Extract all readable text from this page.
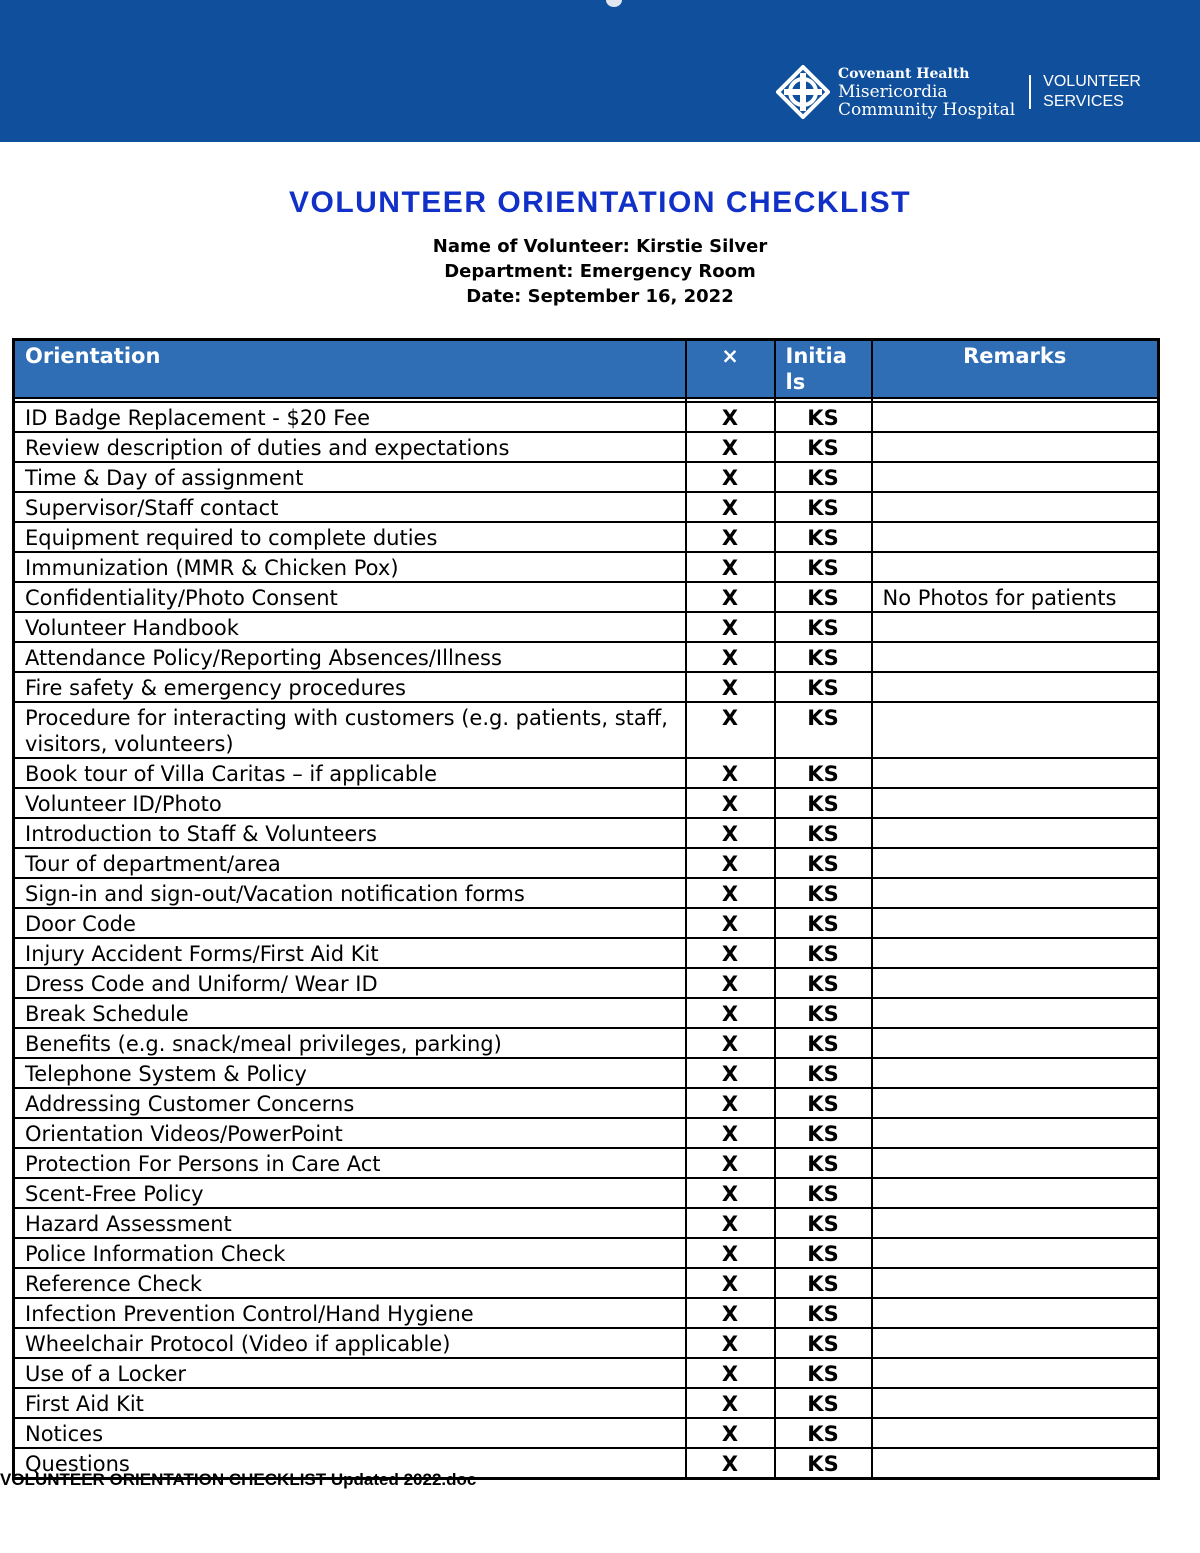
Covenant Health
Misericordia
Community Hospital
VOLUNTEER
SERVICES
VOLUNTEER ORIENTATION CHECKLIST
Name of Volunteer: Kirstie Silver
Department: Emergency Room
Date: September 16, 2022
Orientation	×	Initia ls	Remarks

ID Badge Replacement - $20 Fee	X	KS	
Review description of duties and expectations	X	KS	
Time & Day of assignment	X	KS	
Supervisor/Staff contact	X	KS	
Equipment required to complete duties	X	KS	
Immunization (MMR & Chicken Pox)	X	KS	
Confidentiality/Photo Consent	X	KS	No Photos for patients
Volunteer Handbook	X	KS	
Attendance Policy/Reporting Absences/Illness	X	KS	
Fire safety & emergency procedures	X	KS	
Procedure for interacting with customers (e.g. patients, staff, visitors, volunteers)	X	KS	
Book tour of Villa Caritas – if applicable	X	KS	
Volunteer ID/Photo	X	KS	
Introduction to Staff & Volunteers	X	KS	
Tour of department/area	X	KS	
Sign-in and sign-out/Vacation notification forms	X	KS	
Door Code	X	KS	
Injury Accident Forms/First Aid Kit	X	KS	
Dress Code and Uniform/ Wear ID	X	KS	
Break Schedule	X	KS	
Benefits (e.g. snack/meal privileges, parking)	X	KS	
Telephone System & Policy	X	KS	
Addressing Customer Concerns	X	KS	
Orientation Videos/PowerPoint	X	KS	
Protection For Persons in Care Act	X	KS	
Scent-Free Policy	X	KS	
Hazard Assessment	X	KS	
Police Information Check	X	KS	
Reference Check	X	KS	
Infection Prevention Control/Hand Hygiene	X	KS	
Wheelchair Protocol (Video if applicable)	X	KS	
Use of a Locker	X	KS	
First Aid Kit	X	KS	
Notices	X	KS	
Questions	X	KS	
VOLUNTEER ORIENTATION CHECKLIST Updated 2022.doc
